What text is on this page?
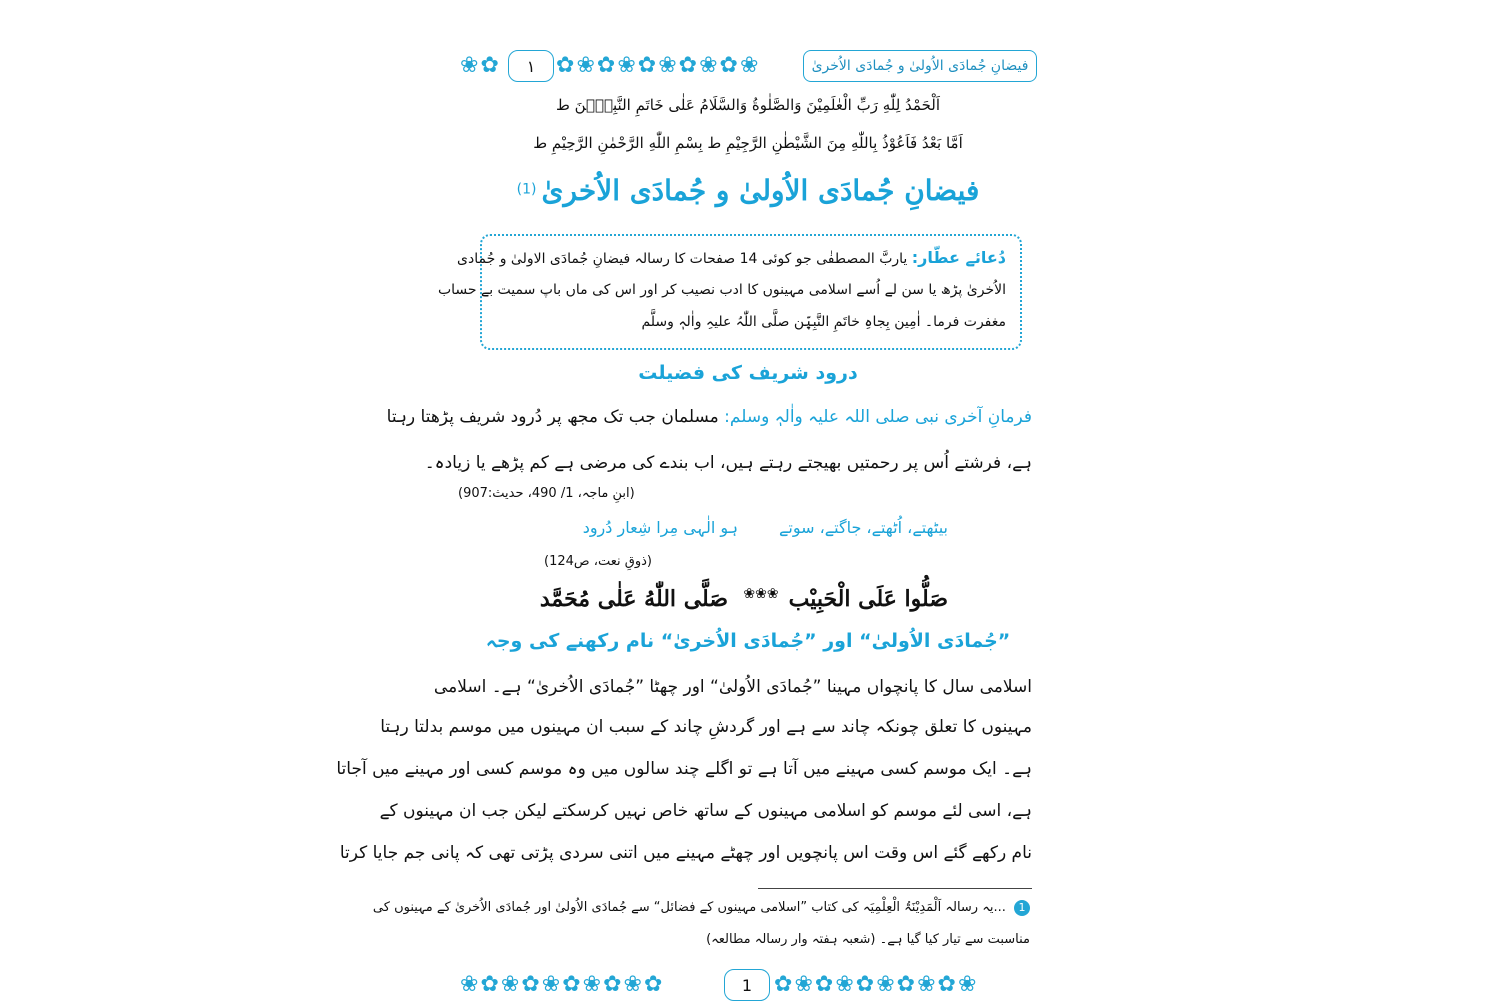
❀ ✿	✿ ❀ ✿ ❀ ✿ ❀ ✿ ❀ ✿ ❀	فیضانِ جُمادَی الاُولیٰ و جُمادَی الاُخریٰ
١
اَلْحَمْدُ لِلّٰهِ رَبِّ الْعٰلَمِیْنَ وَالصَّلٰوةُ وَالسَّلَامُ عَلٰی خَاتَمِ النَّبِیّٖنَ ط
اَمَّا بَعْدُ فَاَعُوْذُ بِاللّٰهِ مِنَ الشَّیْطٰنِ الرَّجِیْمِ ط بِسْمِ اللّٰهِ الرَّحْمٰنِ الرَّحِیْمِ ط
فیضانِ جُمادَی الاُولیٰ و جُمادَی الاُخریٰ (1)
دُعائے عطّار: یاربَّ المصطفٰی جو کوئی 14 صفحات کا رسالہ فیضانِ جُمادَی الاولیٰ و جُمادی
الاُخریٰ پڑھ یا سن لے اُسے اسلامی مہینوں کا ادب نصیب کر اور اس کی ماں باپ سمیت بے حساب
مغفرت فرما۔ اٰمِین بِجاہِ خاتَمِ النَّبِیّٖن صلَّی اللّٰہُ علیہِ واٰلہٖ وسلَّم
درود شریف کی فضیلت
فرمانِ آخری نبی صلی اللہ علیہ واٰلہٖ وسلم: مسلمان جب تک مجھ پر دُرود شریف پڑھتا رہتا
ہے، فرشتے اُس پر رحمتیں بھیجتے رہتے ہیں، اب بندے کی مرضی ہے کم پڑھے یا زیادہ۔
(ابنِ ماجہ، 1/ 490، حدیث:907)
بیٹھتے، اُٹھتے، جاگتے، سوتے
ہو الٰہی مِرا شِعار دُرود
(ذوقِ نعت، ص124)
صَلُّوا عَلَی الْحَبِیْب
❀❀❀
صَلَّی اللّٰهُ عَلٰی مُحَمَّد
”جُمادَی الاُولیٰ“ اور ”جُمادَی الاُخریٰ“ نام رکھنے کی وجہ
اسلامی سال کا پانچواں مہینا ”جُمادَی الاُولیٰ“ اور چھٹا ”جُمادَی الاُخریٰ“ ہے۔ اسلامی
مہینوں کا تعلق چونکہ چاند سے ہے اور گردشِ چاند کے سبب ان مہینوں میں موسم بدلتا رہتا
ہے۔ ایک موسم کسی مہینے میں آتا ہے تو اگلے چند سالوں میں وہ موسم کسی اور مہینے میں آجاتا
ہے، اسی لئے موسم کو اسلامی مہینوں کے ساتھ خاص نہیں کرسکتے لیکن جب ان مہینوں کے
نام رکھے گئے اس وقت اس پانچویں اور چھٹے مہینے میں اتنی سردی پڑتی تھی کہ پانی جم جایا کرتا
1 ...یہ رسالہ اَلْمَدِیْنَۃُ الْعِلْمِیَہ کی کتاب ”اسلامی مہینوں کے فضائل“ سے جُمادَی الاُولیٰ اور جُمادَی الاُخریٰ کے مہینوں کی
مناسبت سے تیار کیا گیا ہے۔ (شعبہ ہفتہ وار رسالہ مطالعہ)
❀ ✿ ❀ ✿ ❀ ✿ ❀ ✿ ❀ ✿	✿ ❀ ✿ ❀ ✿ ❀ ✿ ❀ ✿ ❀
1
